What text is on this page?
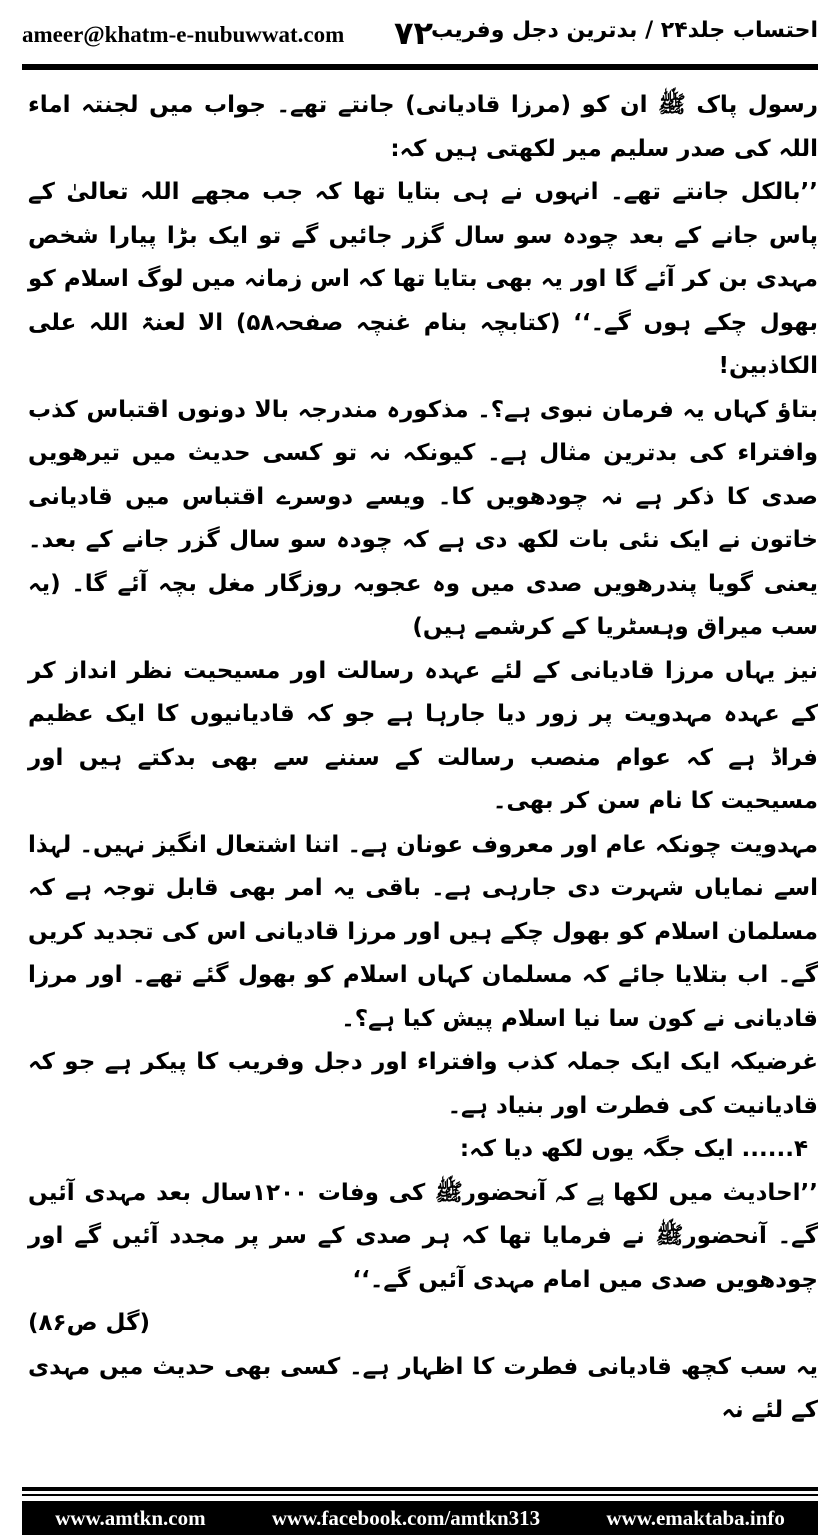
ameer@khatm-e-nubuwwat.com ۷۲
احتساب جلد۲۴ / بدترین دجل وفریب

رسول پاک ﷺ ان کو (مرزا قادیانی) جانتے تھے۔ جواب میں لجنتہ اماء اللہ کی صدر سلیم میر لکھتی ہیں کہ:

’’بالکل جانتے تھے۔ انہوں نے ہی بتایا تھا کہ جب مجھے اللہ تعالیٰ کے پاس جانے کے بعد چودہ سو سال گزر جائیں گے تو ایک بڑا پیارا شخص مہدی بن کر آئے گا اور یہ بھی بتایا تھا کہ اس زمانہ میں لوگ اسلام کو بھول چکے ہوں گے۔‘‘ (کتابچہ بنام غنچہ صفحہ۵۸) الا لعنۃ اللہ علی الکاذبین!

بتاؤ کہاں یہ فرمان نبوی ہے؟۔ مذکورہ مندرجہ بالا دونوں اقتباس کذب وافتراء کی بدترین مثال ہے۔ کیونکہ نہ تو کسی حدیث میں تیرھویں صدی کا ذکر ہے نہ چودھویں کا۔ ویسے دوسرے اقتباس میں قادیانی خاتون نے ایک نئی بات لکھ دی ہے کہ چودہ سو سال گزر جانے کے بعد۔ یعنی گویا پندرھویں صدی میں وہ عجوبہ روزگار مغل بچہ آئے گا۔ (یہ سب میراق وہسٹریا کے کرشمے ہیں)

نیز یہاں مرزا قادیانی کے لئے عہدہ رسالت اور مسیحیت نظر انداز کر کے عہدہ مہدویت پر زور دیا جارہا ہے جو کہ قادیانیوں کا ایک عظیم فراڈ ہے کہ عوام منصب رسالت کے سننے سے بھی بدکتے ہیں اور مسیحیت کا نام سن کر بھی۔

مہدویت چونکہ عام اور معروف عونان ہے۔ اتنا اشتعال انگیز نہیں۔ لہذا اسے نمایاں شہرت دی جارہی ہے۔ باقی یہ امر بھی قابل توجہ ہے کہ مسلمان اسلام کو بھول چکے ہیں اور مرزا قادیانی اس کی تجدید کریں گے۔ اب بتلایا جائے کہ مسلمان کہاں اسلام کو بھول گئے تھے۔ اور مرزا قادیانی نے کون سا نیا اسلام پیش کیا ہے؟۔

غرضیکہ ایک ایک جملہ کذب وافتراء اور دجل وفریب کا پیکر ہے جو کہ قادیانیت کی فطرت اور بنیاد ہے۔

۴...... ایک جگہ یوں لکھ دیا کہ:

’’احادیث میں لکھا ہے کہ آنحضورﷺ کی وفات ۱۲۰۰سال بعد مہدی آئیں گے۔ آنحضورﷺ نے فرمایا تھا کہ ہر صدی کے سر پر مجدد آئیں گے اور چودھویں صدی میں امام مہدی آئیں گے۔‘‘

(گل ص۸۶)

یہ سب کچھ قادیانی فطرت کا اظہار ہے۔ کسی بھی حدیث میں مہدی کے لئے نہ

www.amtkn.com	www.facebook.com/amtkn313	www.emaktaba.info
